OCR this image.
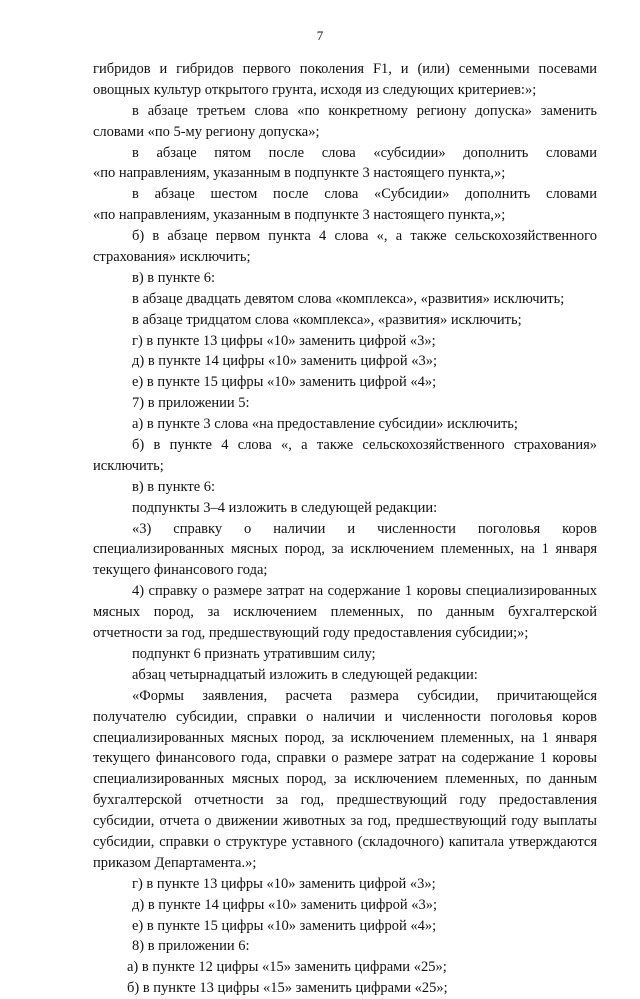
7
гибридов и гибридов первого поколения F1, и (или) семенными посевами
овощных культур открытого грунта, исходя из следующих критериев:»;
в абзаце третьем слова «по конкретному региону допуска» заменить
словами «по 5-му региону допуска»;
в абзаце пятом после слова «субсидии» дополнить словами
«по направлениям, указанным в подпункте 3 настоящего пункта,»;
в абзаце шестом после слова «Субсидии» дополнить словами
«по направлениям, указанным в подпункте 3 настоящего пункта,»;
б) в абзаце первом пункта 4 слова «, а также сельскохозяйственного
страхования» исключить;
в) в пункте 6:
в абзаце двадцать девятом слова «комплекса», «развития» исключить;
в абзаце тридцатом слова «комплекса», «развития» исключить;
г) в пункте 13 цифры «10» заменить цифрой «3»;
д) в пункте 14 цифры «10» заменить цифрой «3»;
е) в пункте 15 цифры «10» заменить цифрой «4»;
7) в приложении 5:
а) в пункте 3 слова «на предоставление субсидии» исключить;
б) в пункте 4 слова «, а также сельскохозяйственного страхования»
исключить;
в) в пункте 6:
подпункты 3–4 изложить в следующей редакции:
«3) справку о наличии и численности поголовья коров
специализированных мясных пород, за исключением племенных, на 1 января
текущего финансового года;
4) справку о размере затрат на содержание 1 коровы специализированных
мясных пород, за исключением племенных, по данным бухгалтерской
отчетности за год, предшествующий году предоставления субсидии;»;
подпункт 6 признать утратившим силу;
абзац четырнадцатый изложить в следующей редакции:
«Формы заявления, расчета размера субсидии, причитающейся
получателю субсидии, справки о наличии и численности поголовья коров
специализированных мясных пород, за исключением племенных, на 1 января
текущего финансового года, справки о размере затрат на содержание 1 коровы
специализированных мясных пород, за исключением племенных, по данным
бухгалтерской отчетности за год, предшествующий году предоставления
субсидии, отчета о движении животных за год, предшествующий году выплаты
субсидии, справки о структуре уставного (складочного) капитала утверждаются
приказом Департамента.»;
г) в пункте 13 цифры «10» заменить цифрой «3»;
д) в пункте 14 цифры «10» заменить цифрой «3»;
е) в пункте 15 цифры «10» заменить цифрой «4»;
8) в приложении 6:
а) в пункте 12 цифры «15» заменить цифрами «25»;
б) в пункте 13 цифры «15» заменить цифрами «25»;
